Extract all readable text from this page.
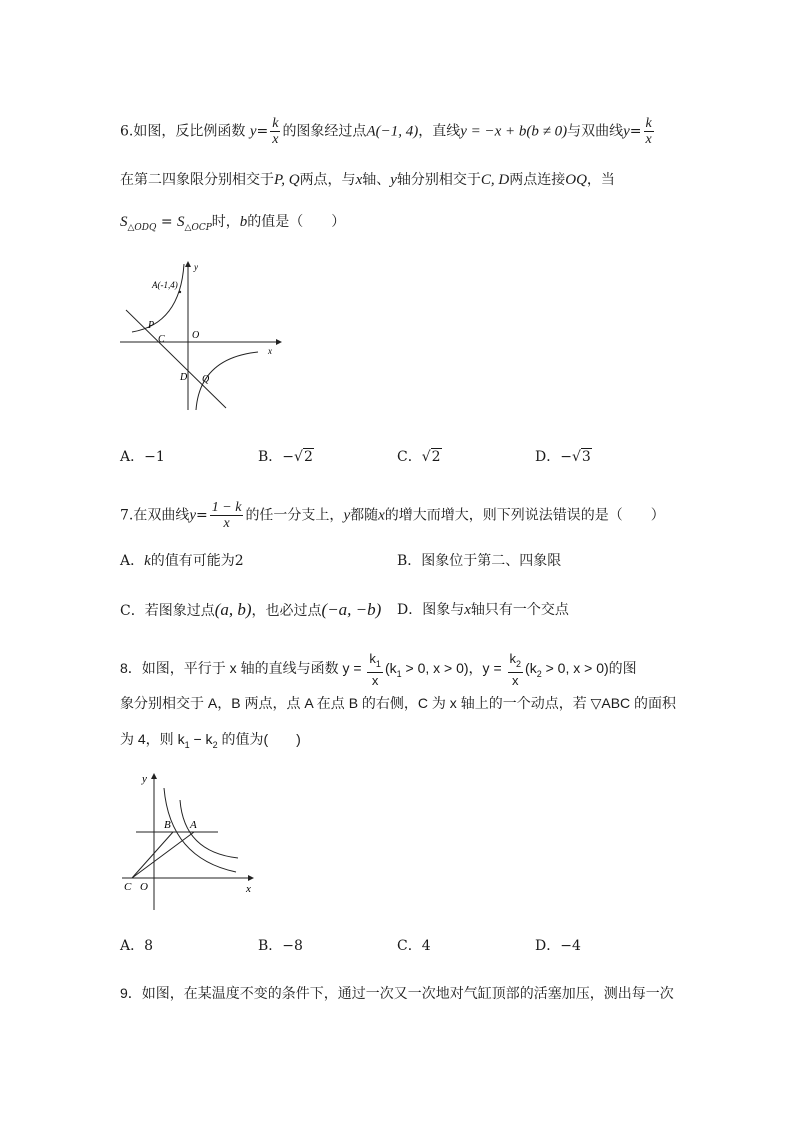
6.如图，反比例函数 $y= \frac{k}{x}$ 的图象经过点A(−1, 4)，直线y = −x + b(b ≠ 0)与双曲线$y= \frac{k}{x}$
在第二四象限分别相交于P, Q两点，与x轴、y轴分别相交于C, D两点连接OQ，当
$S_{\triangle ODQ} = S_{\triangle OCP}$时，b的值是（　　）
A(-1,4)
y
x
P
C	O
D Q
A．−1	B．−√2	C．√2	D．−√3
7.在双曲线$y= \frac{1 - k}{x}$ 的任一分支上，y都随x的增大而增大，则下列说法错误的是（　　）
A．k的值有可能为2	B．图象位于第二、四象限
C．若图象过点(a, b)，也必过点(−a, −b) D．图象与x轴只有一个交点
8．如图，平行于 x 轴的直线与函数 $y = \frac{k_1}{x} (k_1 > 0$, x > 0)，$y = \frac{k_2}{x} (k_2 > 0$, x > 0)的图
象分别相交于 A，B 两点，点 A 在点 B 的右侧，C 为 x 轴上的一个动点，若 ▽ABC 的面积
为 4，则 $k_1 - k_2$ 的值为(　　)
y
x
B A
C O
A．8	B．−8	C．4	D．−4
9．如图，在某温度不变的条件下，通过一次又一次地对气缸顶部的活塞加压，测出每一次
